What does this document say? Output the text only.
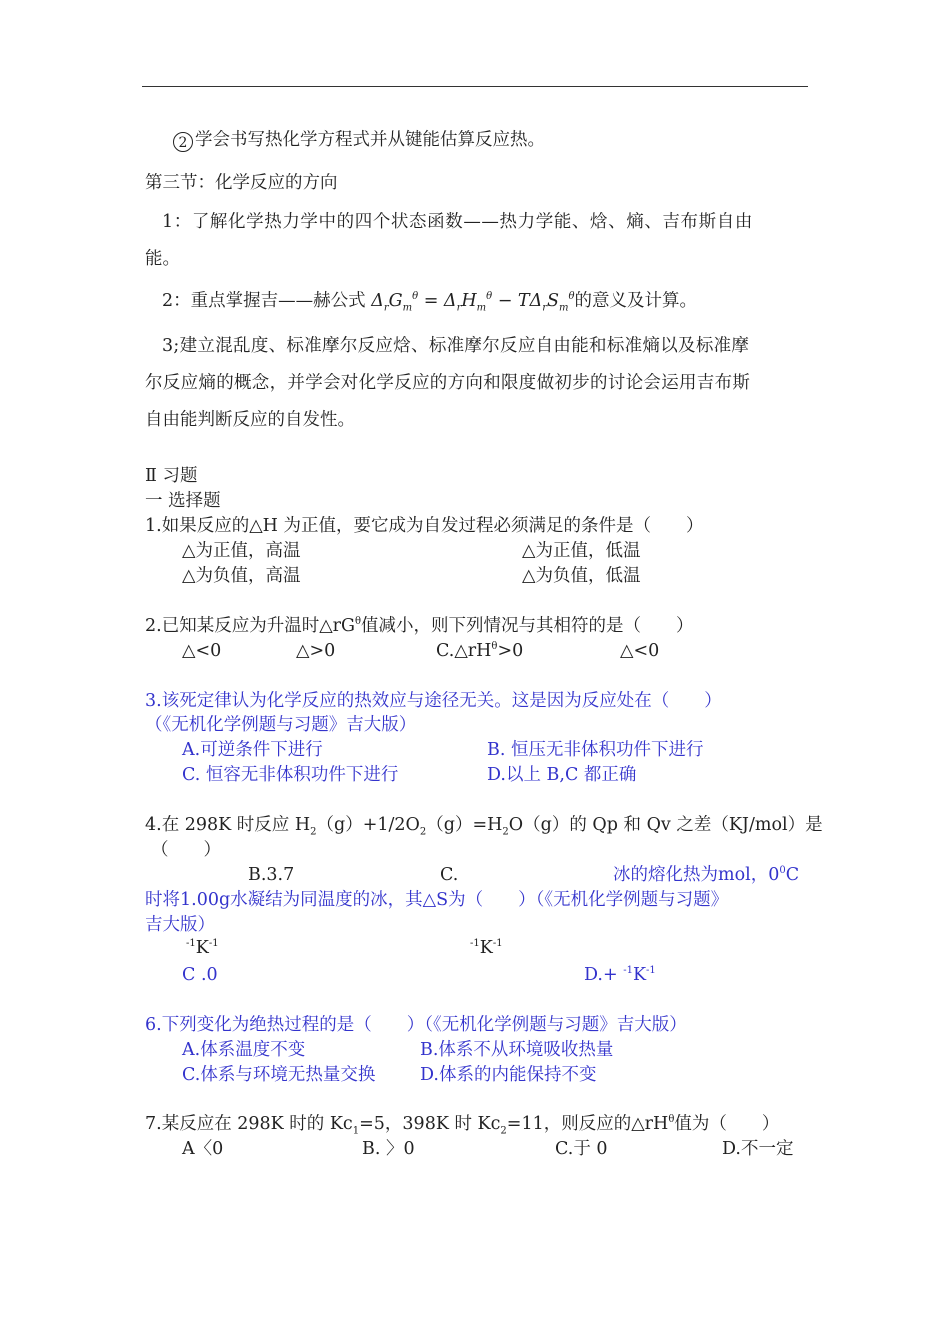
2 学会书写热化学方程式并从键能估算反应热。
第三节：化学反应的方向
1：了解化学热力学中的四个状态函数——热力学能、焓、熵、吉布斯自由
能。
2：重点掌握吉——赫公式 $\Delta_rG_m^\theta = \Delta_rH_m^\theta - T\Delta_rS_m^\theta$的意义及计算。
3;建立混乱度、标准摩尔反应焓、标准摩尔反应自由能和标准熵以及标准摩
尔反应熵的概念，并学会对化学反应的方向和限度做初步的讨论会运用吉布斯
自由能判断反应的自发性。
Ⅱ 习题
一 选择题
1.如果反应的△H 为正值，要它成为自发过程必须满足的条件是（　　）
△为正值，高温	△为正值，低温
△为负值，高温	△为负值，低温
2.已知某反应为升温时$\triangle rG^\theta$值减小，则下列情况与其相符的是（　　）
△<0	△>0	$C.\triangle rH^\theta>0$	△<0
3.该死定律认为化学反应的热效应与途径无关。这是因为反应处在（　　）
（《无机化学例题与习题》吉大版）
A.可逆条件下进行	B. 恒压无非体积功件下进行
C. 恒容无非体积功件下进行	D.以上 B,C 都正确
4.在 298K 时反应 $H_2(g)+1/2O_2(g)=H_2O(g)$的 Qp 和 Qv 之差（KJ/mol）是
（　　）
B.3.7	C.	冰的熔化热为mol，$0^0C$
时将1.00g水凝结为同温度的冰，其△S为（　　）（《无机化学例题与习题》
吉大版）
$^{-1}K^{-1}$	$^{-1}K^{-1}$
C .0	$D.+ ^{-1}K^{-1}$
6.下列变化为绝热过程的是（　　）（《无机化学例题与习题》吉大版）
A.体系温度不变	B.体系不从环境吸收热量
C.体系与环境无热量交换	D.体系的内能保持不变
7.某反应在 298K 时的 $Kc_1=5$，398K 时 $Kc_2=11$，则反应的$\triangle rH^\theta$值为（　　）
A〈0	B. 〉0	C.于 0	D.不一定
